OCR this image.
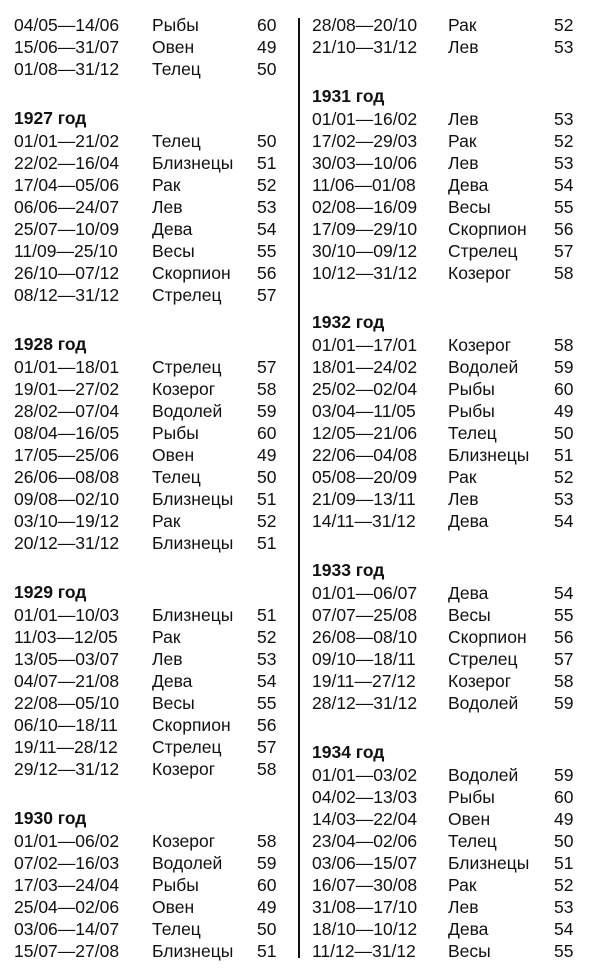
04/05—14/06 Рыбы	60
15/06—31/07 Овен	49
01/08—31/12 Телец	50
1927 год
01/01—21/02 Телец	50
22/02—16/04 Близнецы 51
17/04—05/06 Рак	52
06/06—24/07 Лев	53
25/07—10/09 Дева	54
11/09—25/10 Весы	55
26/10—07/12 Скорпион 56
08/12—31/12 Стрелец 57
1928 год
01/01—18/01 Стрелец 57
19/01—27/02 Козерог 58
28/02—07/04 Водолей 59
08/04—16/05 Рыбы	60
17/05—25/06 Овен	49
26/06—08/08 Телец	50
09/08—02/10 Близнецы 51
03/10—19/12 Рак	52
20/12—31/12 Близнецы 51
1929 год
01/01—10/03 Близнецы 51
11/03—12/05 Рак	52
13/05—03/07 Лев	53
04/07—21/08 Дева	54
22/08—05/10 Весы	55
06/10—18/11 Скорпион 56
19/11—28/12 Стрелец 57
29/12—31/12 Козерог 58
1930 год
01/01—06/02 Козерог 58
07/02—16/03 Водолей 59
17/03—24/04 Рыбы	60
25/04—02/06 Овен	49
03/06—14/07 Телец	50
15/07—27/08 Близнецы 51
28/08—20/10 Рак	52
21/10—31/12 Лев	53
1931 год
01/01—16/02 Лев	53
17/02—29/03 Рак	52
30/03—10/06 Лев	53
11/06—01/08 Дева	54
02/08—16/09 Весы	55
17/09—29/10 Скорпион 56
30/10—09/12 Стрелец 57
10/12—31/12 Козерог 58
1932 год
01/01—17/01 Козерог 58
18/01—24/02 Водолей 59
25/02—02/04 Рыбы	60
03/04—11/05 Рыбы	49
12/05—21/06 Телец	50
22/06—04/08 Близнецы 51
05/08—20/09 Рак	52
21/09—13/11 Лев	53
14/11—31/12 Дева	54
1933 год
01/01—06/07 Дева	54
07/07—25/08 Весы	55
26/08—08/10 Скорпион 56
09/10—18/11 Стрелец 57
19/11—27/12 Козерог 58
28/12—31/12 Водолей 59
1934 год
01/01—03/02 Водолей 59
04/02—13/03 Рыбы	60
14/03—22/04 Овен	49
23/04—02/06 Телец	50
03/06—15/07 Близнецы 51
16/07—30/08 Рак	52
31/08—17/10 Лев	53
18/10—10/12 Дева	54
11/12—31/12 Весы	55
